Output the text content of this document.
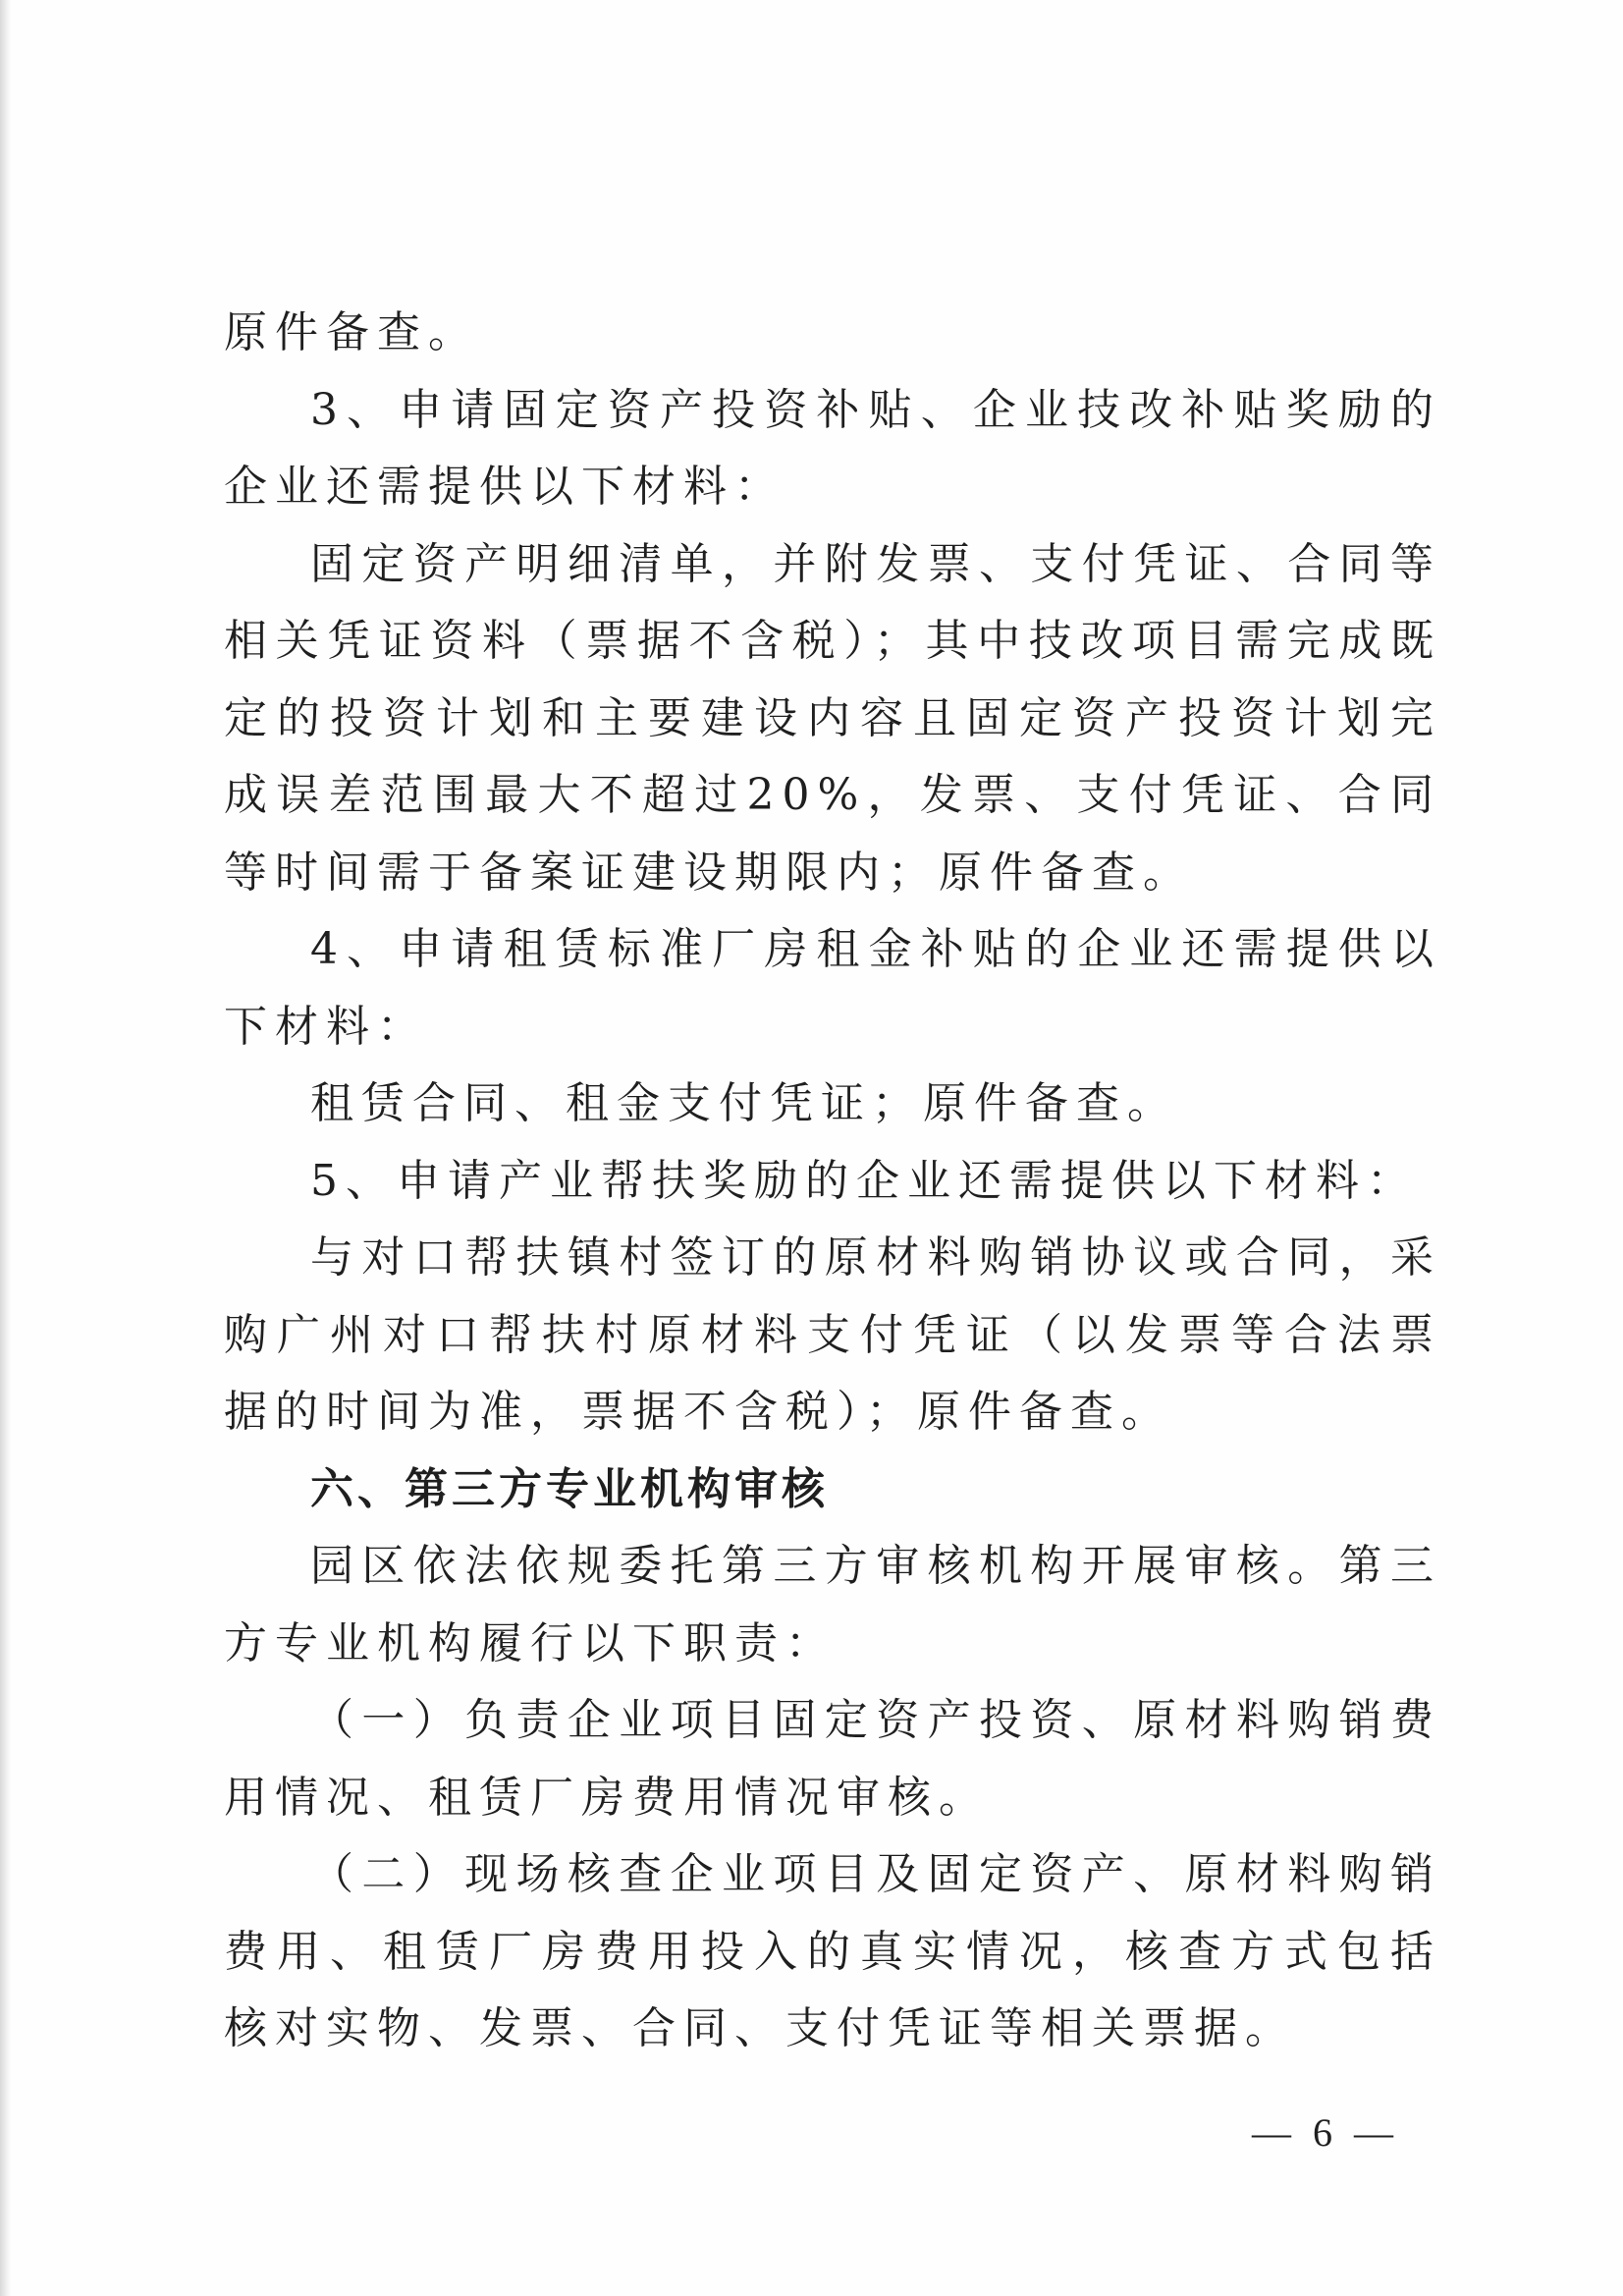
原件备查。

3、申请固定资产投资补贴、企业技改补贴奖励的企业还需提供以下材料：

固定资产明细清单，并附发票、支付凭证、合同等相关凭证资料（票据不含税）；其中技改项目需完成既定的投资计划和主要建设内容且固定资产投资计划完成误差范围最大不超过20%，发票、支付凭证、合同等时间需于备案证建设期限内；原件备查。

4、申请租赁标准厂房租金补贴的企业还需提供以下材料：

租赁合同、租金支付凭证；原件备查。

5、申请产业帮扶奖励的企业还需提供以下材料：

与对口帮扶镇村签订的原材料购销协议或合同，采购广州对口帮扶村原材料支付凭证（以发票等合法票据的时间为准，票据不含税）；原件备查。

六、第三方专业机构审核

园区依法依规委托第三方审核机构开展审核。第三方专业机构履行以下职责：

（一）负责企业项目固定资产投资、原材料购销费用情况、租赁厂房费用情况审核。

（二）现场核查企业项目及固定资产、原材料购销费用、租赁厂房费用投入的真实情况，核查方式包括核对实物、发票、合同、支付凭证等相关票据。

— 6 —
